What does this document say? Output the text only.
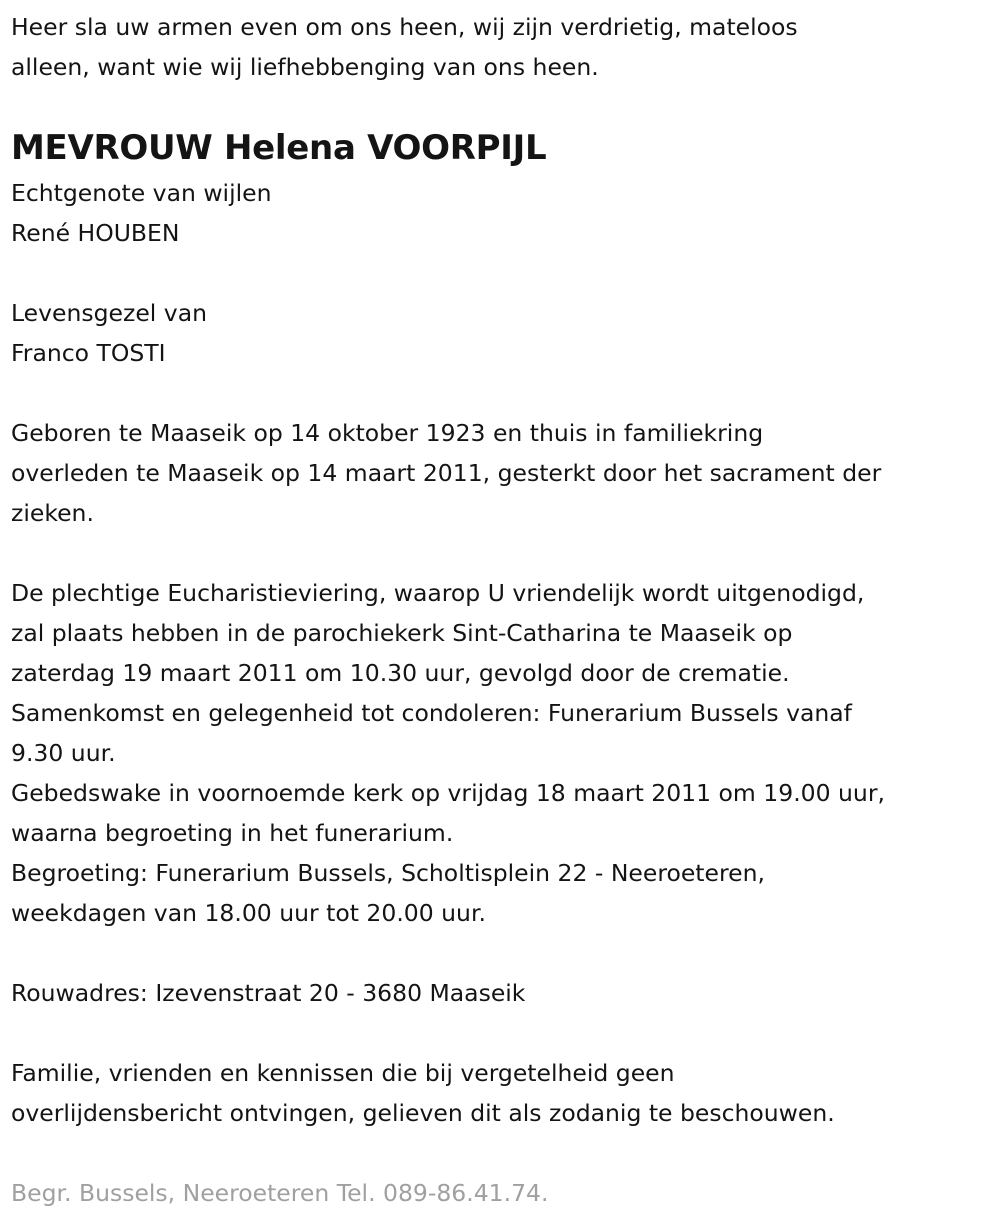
Heer sla uw armen even om ons heen, wij zijn verdrietig, mateloos
alleen, want wie wij liefhebbenging van ons heen.
MEVROUW Helena VOORPIJL
Echtgenote van wijlen
René HOUBEN
Levensgezel van
Franco TOSTI
Geboren te Maaseik op 14 oktober 1923 en thuis in familiekring
overleden te Maaseik op 14 maart 2011, gesterkt door het sacrament der
zieken.
De plechtige Eucharistieviering, waarop U vriendelijk wordt uitgenodigd,
zal plaats hebben in de parochiekerk Sint-Catharina te Maaseik op
zaterdag 19 maart 2011 om 10.30 uur, gevolgd door de crematie.
Samenkomst en gelegenheid tot condoleren: Funerarium Bussels vanaf
9.30 uur.
Gebedswake in voornoemde kerk op vrijdag 18 maart 2011 om 19.00 uur,
waarna begroeting in het funerarium.
Begroeting: Funerarium Bussels, Scholtisplein 22 - Neeroeteren,
weekdagen van 18.00 uur tot 20.00 uur.
Rouwadres: Izevenstraat 20 - 3680 Maaseik
Familie, vrienden en kennissen die bij vergetelheid geen
overlijdensbericht ontvingen, gelieven dit als zodanig te beschouwen.
Begr. Bussels, Neeroeteren Tel. 089-86.41.74.
